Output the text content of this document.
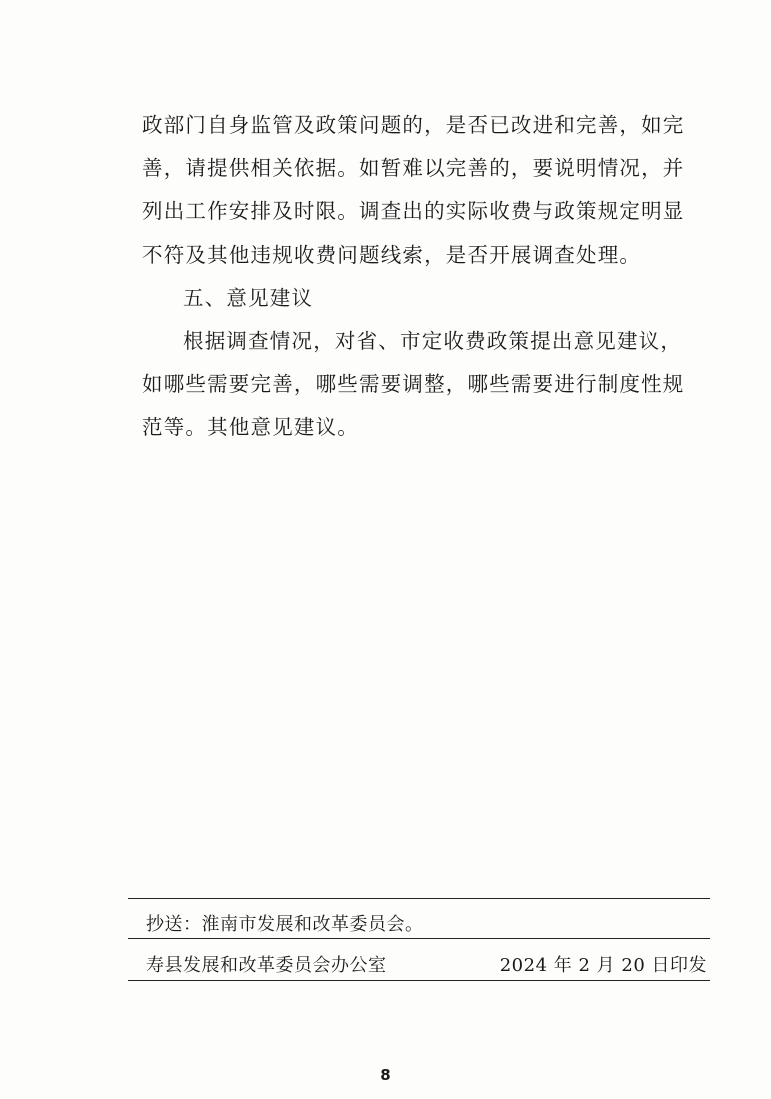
政部门自身监管及政策问题的，是否已改进和完善，如完善，请提供相关依据。如暂难以完善的，要说明情况，并列出工作安排及时限。调查出的实际收费与政策规定明显不符及其他违规收费问题线索，是否开展调查处理。

五、意见建议

根据调查情况，对省、市定收费政策提出意见建议，如哪些需要完善，哪些需要调整，哪些需要进行制度性规范等。其他意见建议。

抄送：淮南市发展和改革委员会。
寿县发展和改革委员会办公室	2024 年 2 月 20 日印发
8
